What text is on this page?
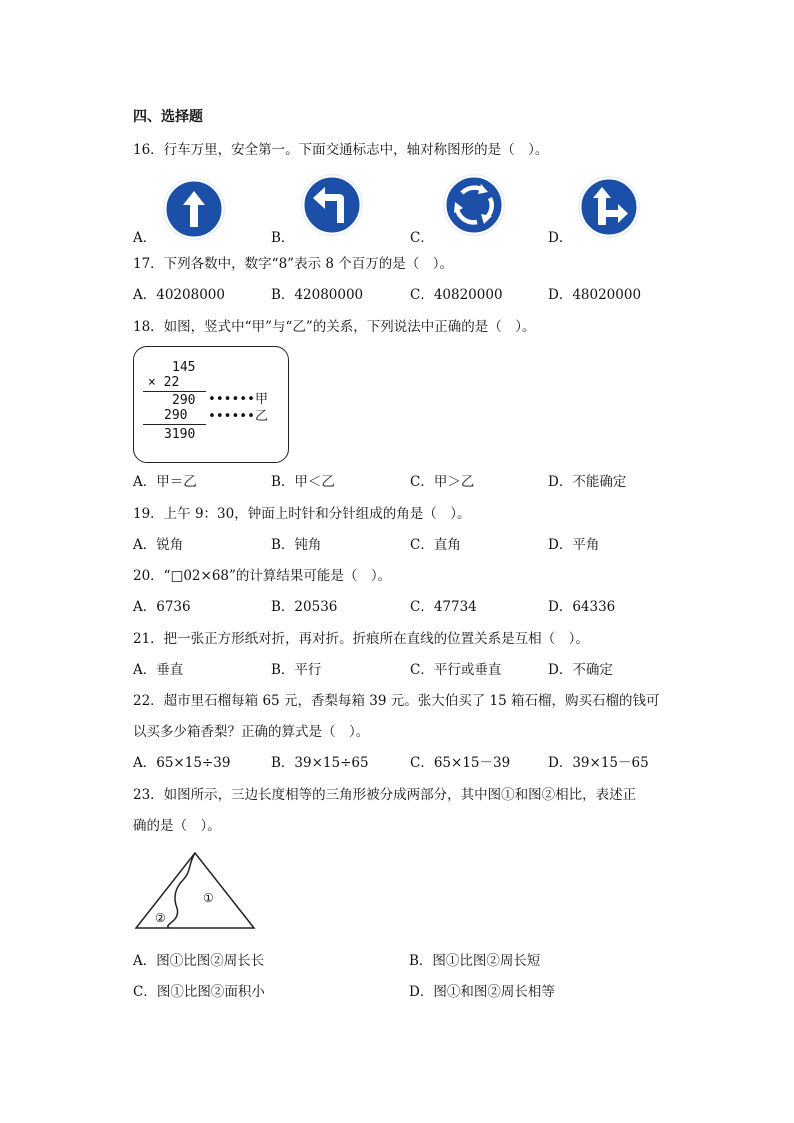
四、选择题
16．行车万里，安全第一。下面交通标志中，轴对称图形的是（　）。
A．	B．	C．	D．
17．下列各数中，数字“8”表示 8 个百万的是（　）。
A．40208000	B．42080000	C．40820000	D．48020000
18．如图，竖式中“甲”与“乙”的关系，下列说法中正确的是（　）。
145
× 22
290 ••••••甲
290 ••••••乙
3190
A．甲＝乙	B．甲＜乙	C．甲＞乙	D．不能确定
19．上午 9：30，钟面上时针和分针组成的角是（　）。
A．锐角	B．钝角	C．直角	D．平角
20．“□02×68”的计算结果可能是（　）。
A．6736	B．20536	C．47734	D．64336
21．把一张正方形纸对折，再对折。折痕所在直线的位置关系是互相（　）。
A．垂直	B．平行	C．平行或垂直	D．不确定
22．超市里石榴每箱 65 元，香梨每箱 39 元。张大伯买了 15 箱石榴，购买石榴的钱可
以买多少箱香梨？正确的算式是（　）。
A．65×15÷39	B．39×15÷65	C．65×15－39	D．39×15－65
23．如图所示，三边长度相等的三角形被分成两部分，其中图①和图②相比，表述正
确的是（　）。
①
②
A．图①比图②周长长	B．图①比图②周长短
C．图①比图②面积小	D．图①和图②周长相等
